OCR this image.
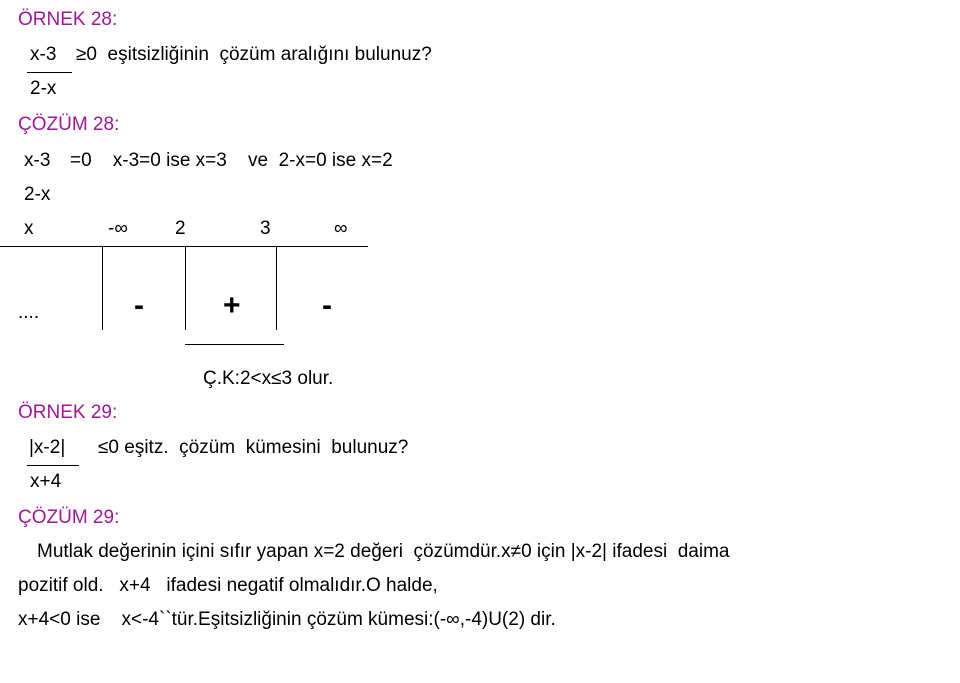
ÖRNEK 28:
x-3 ≥0  eşitsizliğinin  çözüm aralığını bulunuz?
2-x
ÇÖZÜM 28:
x-3 =0    x-3=0 ise x=3    ve  2-x=0 ise x=2
2-x
x	-∞ 2	3	∞
....	-	+	-
Ç.K:2<x≤3 olur.
ÖRNEK 29:
|x-2| ≤0 eşitz.  çözüm  kümesini  bulunuz?
x+4
ÇÖZÜM 29:
Mutlak değerinin içini sıfır yapan x=2 değeri  çözümdür.x≠0 için |x-2| ifadesi  daima
pozitif old.   x+4   ifadesi negatif olmalıdır.O halde,
x+4<0 ise    x<-4``tür.Eşitsizliğinin çözüm kümesi:(-∞,-4)U(2) dir.
